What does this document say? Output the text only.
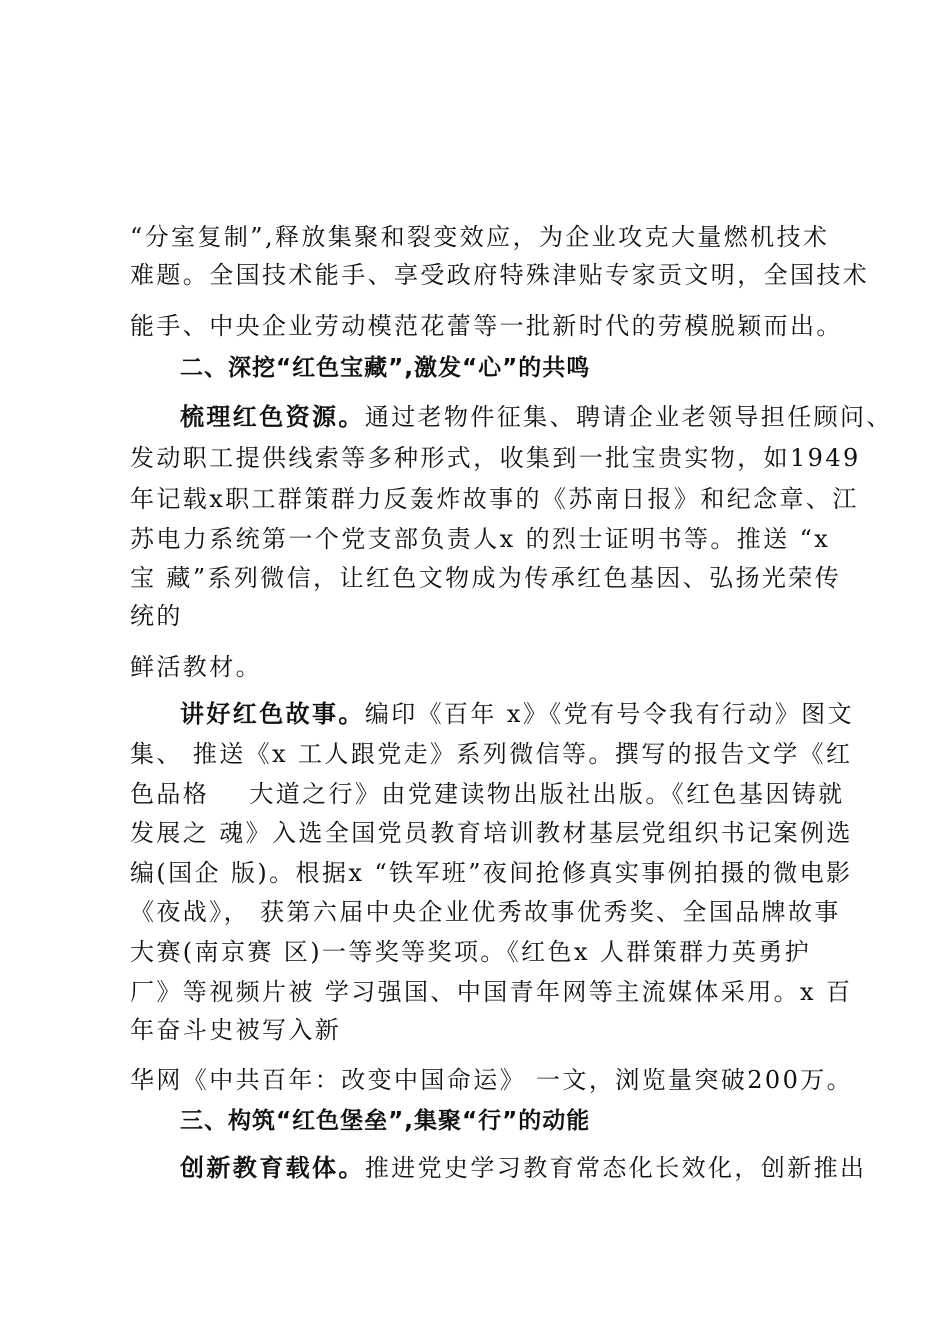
“分室复制”,释放集聚和裂变效应，为企业攻克大量燃机技术
难题。全国技术能手、享受政府特殊津贴专家贡文明，全国技术
能手、中央企业劳动模范花蕾等一批新时代的劳模脱颖而出。
二、深挖“红色宝藏”,激发“心”的共鸣
梳理红色资源。通过老物件征集、聘请企业老领导担任顾问、
发动职工提供线索等多种形式，收集到一批宝贵实物，如1949
年记载x职工群策群力反轰炸故事的《苏南日报》和纪念章、江
苏电力系统第一个党支部负责人x 的烈士证明书等。推送 “x
宝 藏”系列微信，让红色文物成为传承红色基因、弘扬光荣传
统的
鲜活教材。
讲好红色故事。编印《百年 x》《党有号令我有行动》图文
集、 推送《x 工人跟党走》系列微信等。撰写的报告文学《红
色品格    大道之行》由党建读物出版社出版。《红色基因铸就
发展之 魂》入选全国党员教育培训教材基层党组织书记案例选
编(国企 版)。根据x “铁军班”夜间抢修真实事例拍摄的微电影
《夜战》， 获第六届中央企业优秀故事优秀奖、全国品牌故事
大赛(南京赛 区)一等奖等奖项。《红色x 人群策群力英勇护
厂》等视频片被 学习强国、中国青年网等主流媒体采用。x 百
年奋斗史被写入新
华网《中共百年：改变中国命运》 一文，浏览量突破200万。
三、构筑“红色堡垒”,集聚“行”的动能
创新教育载体。推进党史学习教育常态化长效化，创新推出
